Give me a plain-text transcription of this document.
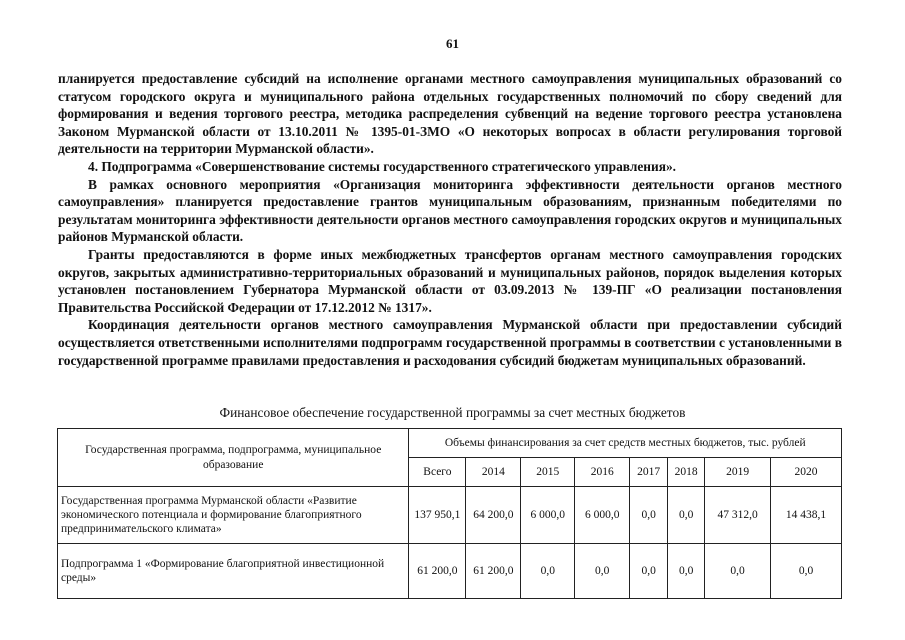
61

планируется предоставление субсидий на исполнение органами местного самоуправления муниципальных образований со статусом городского округа и муниципального района отдельных государственных полномочий по сбору сведений для формирования и ведения торгового реестра, методика распределения субвенций на ведение торгового реестра установлена Законом Мурманской области от 13.10.2011 № 1395-01-ЗМО «О некоторых вопросах в области регулирования торговой деятельности на территории Мурманской области».

4. Подпрограмма «Совершенствование системы государственного стратегического управления».

В рамках основного мероприятия «Организация мониторинга эффективности деятельности органов местного самоуправления» планируется предоставление грантов муниципальным образованиям, признанным победителями по результатам мониторинга эффективности деятельности органов местного самоуправления городских округов и муниципальных районов Мурманской области.

Гранты предоставляются в форме иных межбюджетных трансфертов органам местного самоуправления городских округов, закрытых административно-территориальных образований и муниципальных районов, порядок выделения которых установлен постановлением Губернатора Мурманской области от 03.09.2013 № 139-ПГ «О реализации постановления Правительства Российской Федерации от 17.12.2012 № 1317».

Координация деятельности органов местного самоуправления Мурманской области при предоставлении субсидий осуществляется ответственными исполнителями подпрограмм государственной программы в соответствии с установленными в государственной программе правилами предоставления и расходования субсидий бюджетам муниципальных образований.

Финансовое обеспечение государственной программы за счет местных бюджетов
Государственная программа, подпрограмма, муниципальное образование	Объемы финансирования за счет средств местных бюджетов, тыс. рублей							
	Всего	2014	2015	2016	2017	2018	2019	2020
Государственная программа Мурманской области «Развитие экономического потенциала и формирование благоприятного предпринимательского климата»	137 950,1	64 200,0	6 000,0	6 000,0	0,0	0,0	47 312,0	14 438,1
Подпрограмма 1 «Формирование благоприятной инвестиционной среды»	61 200,0	61 200,0	0,0	0,0	0,0	0,0	0,0	0,0
